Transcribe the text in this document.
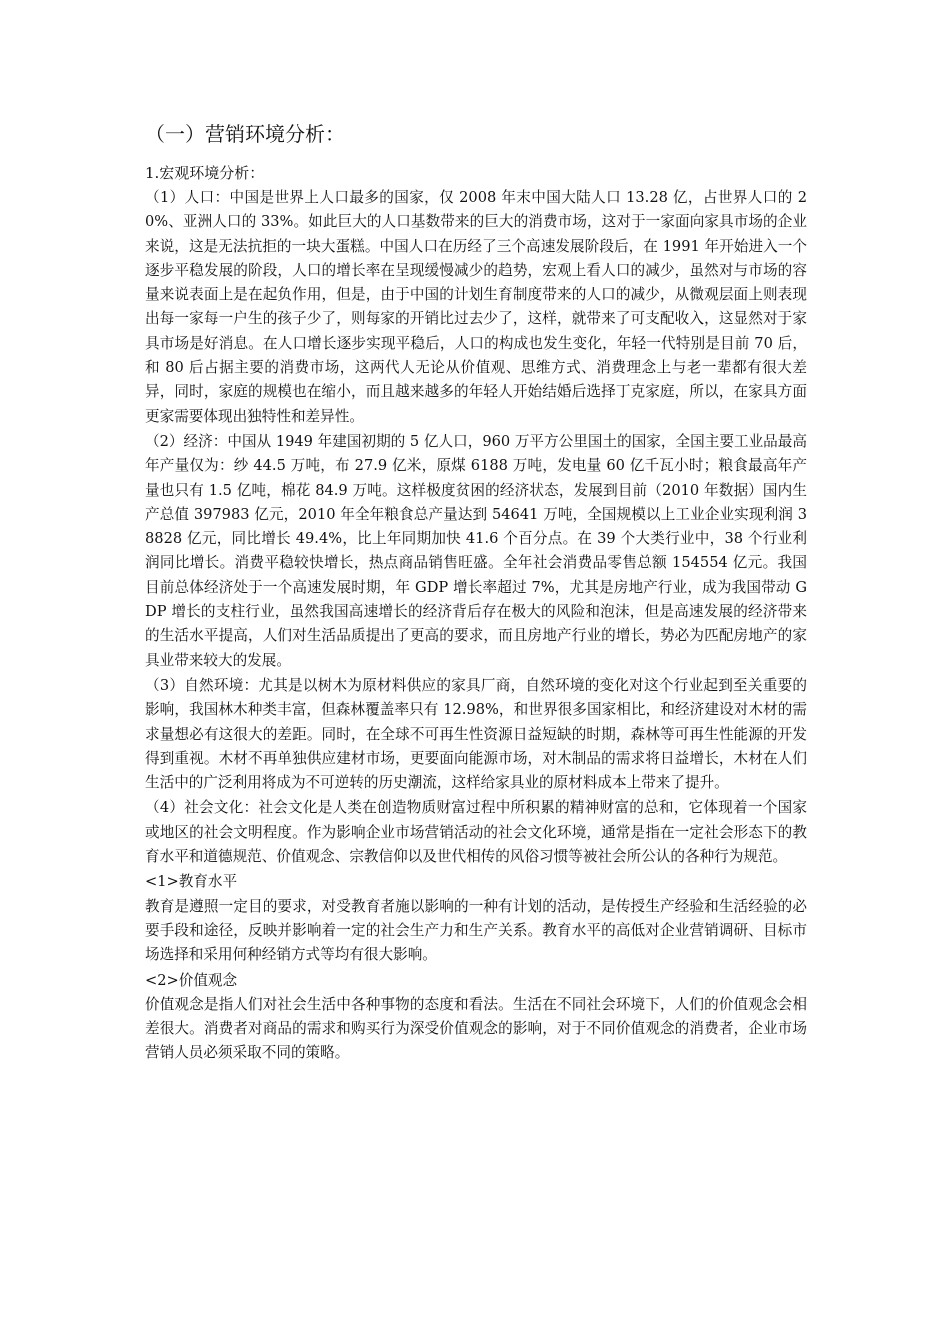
（一）营销环境分析：
1.宏观环境分析：

（1）人口：中国是世界上人口最多的国家，仅 2008 年末中国大陆人口 13.28 亿，占世界人口的 20%、亚洲人口的 33%。如此巨大的人口基数带来的巨大的消费市场，这对于一家面向家具市场的企业来说，这是无法抗拒的一块大蛋糕。中国人口在历经了三个高速发展阶段后，在 1991 年开始进入一个逐步平稳发展的阶段，人口的增长率在呈现缓慢减少的趋势，宏观上看人口的减少，虽然对与市场的容量来说表面上是在起负作用，但是，由于中国的计划生育制度带来的人口的减少，从微观层面上则表现出每一家每一户生的孩子少了，则每家的开销比过去少了，这样，就带来了可支配收入，这显然对于家具市场是好消息。在人口增长逐步实现平稳后，人口的构成也发生变化，年轻一代特别是目前 70 后，和 80 后占据主要的消费市场，这两代人无论从价值观、思维方式、消费理念上与老一辈都有很大差异，同时，家庭的规模也在缩小，而且越来越多的年轻人开始结婚后选择丁克家庭，所以，在家具方面更家需要体现出独特性和差异性。

（2）经济：中国从 1949 年建国初期的 5 亿人口，960 万平方公里国土的国家，全国主要工业品最高年产量仅为：纱 44.5 万吨，布 27.9 亿米，原煤 6188 万吨，发电量 60 亿千瓦小时；粮食最高年产量也只有 1.5 亿吨，棉花 84.9 万吨。这样极度贫困的经济状态，发展到目前（2010 年数据）国内生产总值 397983 亿元，2010 年全年粮食总产量达到 54641 万吨，全国规模以上工业企业实现利润 38828 亿元，同比增长 49.4%，比上年同期加快 41.6 个百分点。在 39 个大类行业中，38 个行业利润同比增长。消费平稳较快增长，热点商品销售旺盛。全年社会消费品零售总额 154554 亿元。我国目前总体经济处于一个高速发展时期，年 GDP 增长率超过 7%，尤其是房地产行业，成为我国带动 GDP 增长的支柱行业，虽然我国高速增长的经济背后存在极大的风险和泡沫，但是高速发展的经济带来的生活水平提高，人们对生活品质提出了更高的要求，而且房地产行业的增长，势必为匹配房地产的家具业带来较大的发展。

（3）自然环境：尤其是以树木为原材料供应的家具厂商，自然环境的变化对这个行业起到至关重要的影响，我国林木种类丰富，但森林覆盖率只有 12.98%，和世界很多国家相比，和经济建设对木材的需求量想必有这很大的差距。同时，在全球不可再生性资源日益短缺的时期，森林等可再生性能源的开发得到重视。木材不再单独供应建材市场，更要面向能源市场，对木制品的需求将日益增长，木材在人们生活中的广泛利用将成为不可逆转的历史潮流，这样给家具业的原材料成本上带来了提升。

（4）社会文化：社会文化是人类在创造物质财富过程中所积累的精神财富的总和，它体现着一个国家或地区的社会文明程度。作为影响企业市场营销活动的社会文化环境，通常是指在一定社会形态下的教育水平和道德规范、价值观念、宗教信仰以及世代相传的风俗习惯等被社会所公认的各种行为规范。

<1>教育水平

教育是遵照一定目的要求，对受教育者施以影响的一种有计划的活动，是传授生产经验和生活经验的必要手段和途径，反映并影响着一定的社会生产力和生产关系。教育水平的高低对企业营销调研、目标市场选择和采用何种经销方式等均有很大影响。

<2>价值观念

价值观念是指人们对社会生活中各种事物的态度和看法。生活在不同社会环境下，人们的价值观念会相差很大。消费者对商品的需求和购买行为深受价值观念的影响，对于不同价值观念的消费者，企业市场营销人员必须采取不同的策略。
